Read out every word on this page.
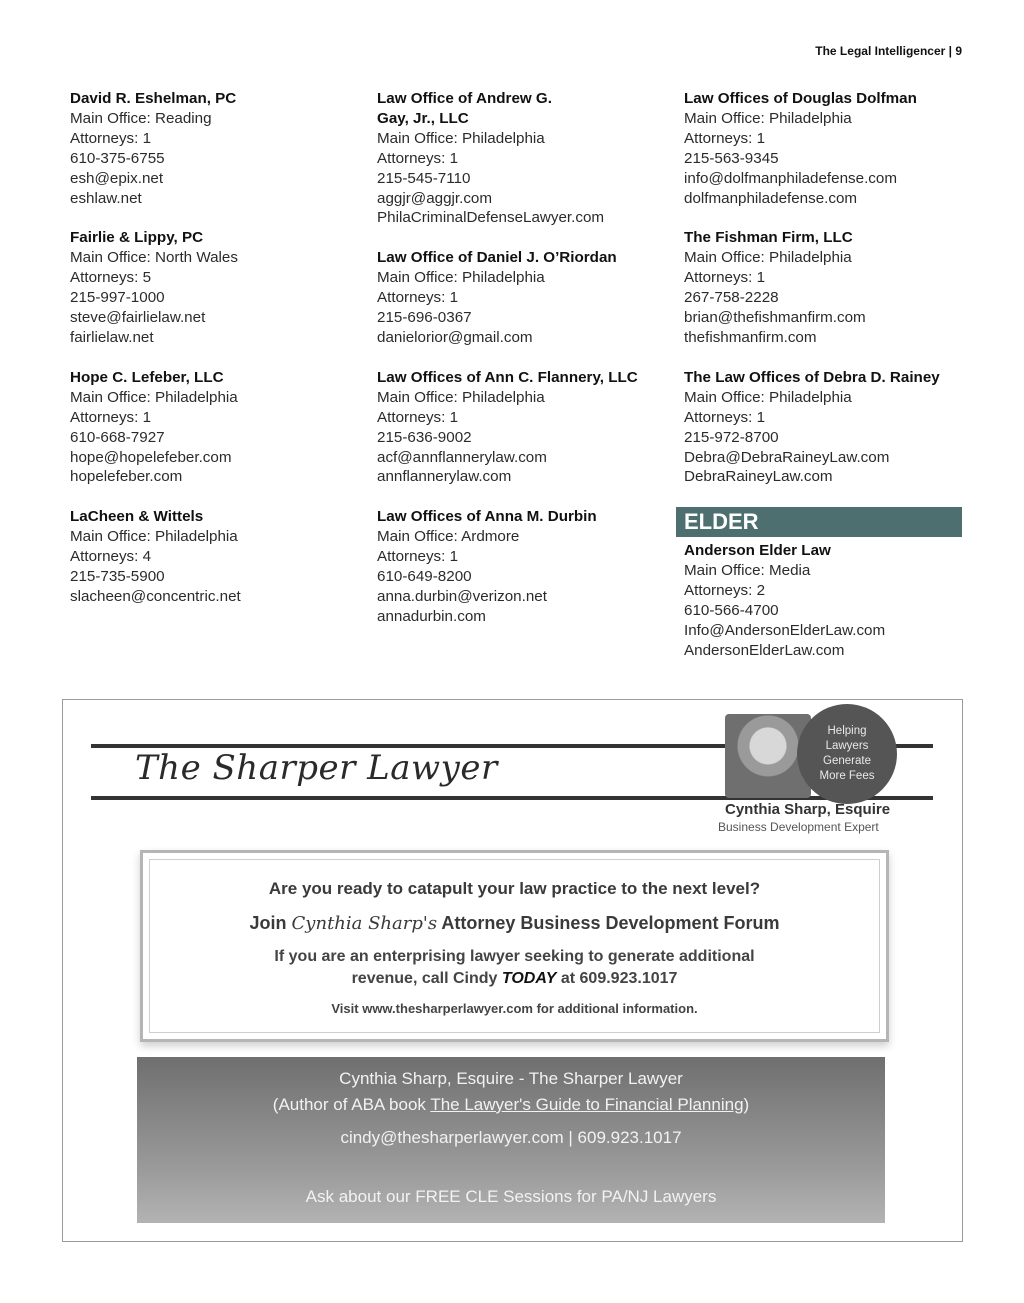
The Legal Intelligencer | 9
David R. Eshelman, PC
Main Office: Reading
Attorneys: 1
610-375-6755
esh@epix.net
eshlaw.net
Fairlie & Lippy, PC
Main Office: North Wales
Attorneys: 5
215-997-1000
steve@fairlielaw.net
fairlielaw.net
Hope C. Lefeber, LLC
Main Office: Philadelphia
Attorneys: 1
610-668-7927
hope@hopelefeber.com
hopelefeber.com
LaCheen & Wittels
Main Office: Philadelphia
Attorneys: 4
215-735-5900
slacheen@concentric.net
Law Office of Andrew G. Gay, Jr., LLC
Main Office: Philadelphia
Attorneys: 1
215-545-7110
aggjr@aggjr.com
PhilaCriminalDefenseLawyer.com
Law Office of Daniel J. O’Riordan
Main Office: Philadelphia
Attorneys: 1
215-696-0367
danielorior@gmail.com
Law Offices of Ann C. Flannery, LLC
Main Office: Philadelphia
Attorneys: 1
215-636-9002
acf@annflannerylaw.com
annflannerylaw.com
Law Offices of Anna M. Durbin
Main Office: Ardmore
Attorneys: 1
610-649-8200
anna.durbin@verizon.net
annadurbin.com
Law Offices of Douglas Dolfman
Main Office: Philadelphia
Attorneys: 1
215-563-9345
info@dolfmanphiladefense.com
dolfmanphiladefense.com
The Fishman Firm, LLC
Main Office: Philadelphia
Attorneys: 1
267-758-2228
brian@thefishmanfirm.com
thefishmanfirm.com
The Law Offices of Debra D. Rainey
Main Office: Philadelphia
Attorneys: 1
215-972-8700
Debra@DebraRaineyLaw.com
DebraRaineyLaw.com
ELDER
Anderson Elder Law
Main Office: Media
Attorneys: 2
610-566-4700
Info@AndersonElderLaw.com
AndersonElderLaw.com
The Sharper Lawyer
Helping Lawyers Generate More Fees
Cynthia Sharp, Esquire
Business Development Expert
Are you ready to catapult your law practice to the next level?
Join Cynthia Sharp's Attorney Business Development Forum
If you are an enterprising lawyer seeking to generate additional
revenue, call Cindy TODAY at 609.923.1017
Visit www.thesharperlawyer.com for additional information.
Cynthia Sharp, Esquire - The Sharper Lawyer
(Author of ABA book The Lawyer's Guide to Financial Planning)
cindy@thesharperlawyer.com | 609.923.1017
Ask about our FREE CLE Sessions for PA/NJ Lawyers
